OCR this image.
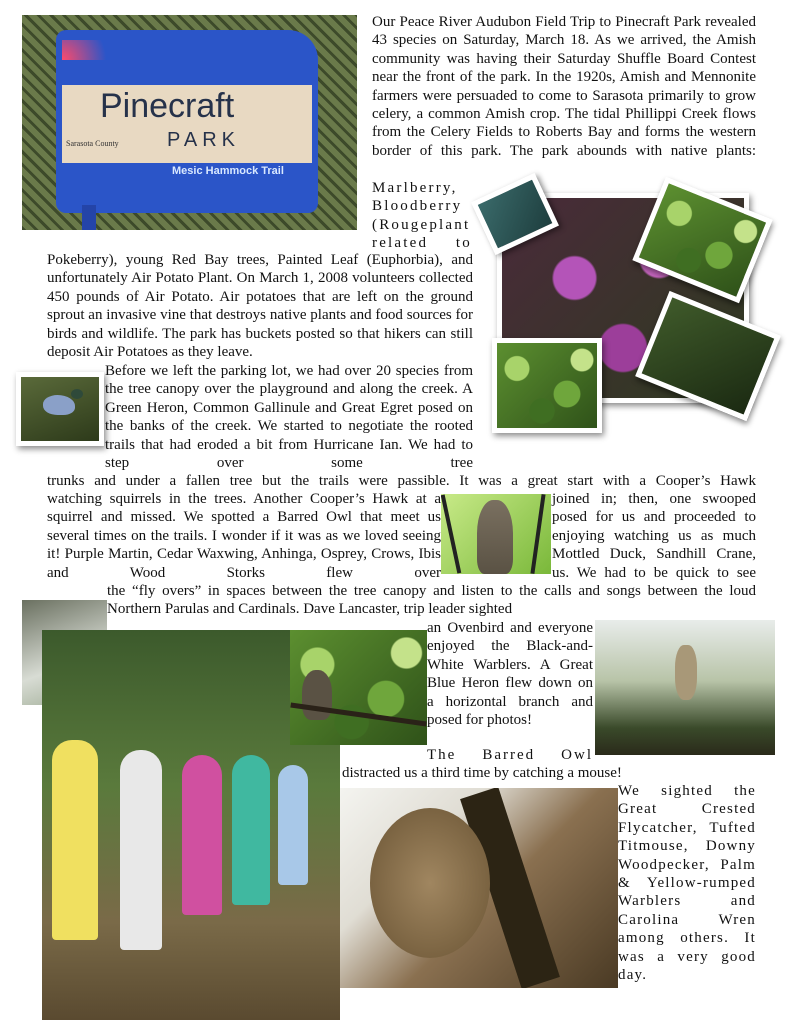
Pinecraft
PARK
Sarasota County
Mesic Hammock Trail

Our Peace River Audubon Field Trip to Pinecraft Park revealed 43 species on Saturday, March 18. As we arrived, the Amish community was having their Saturday Shuffle Board Contest near the front of the park. In the 1920s, Amish and Mennonite farmers were persuaded to come to Sarasota primarily to grow celery, a common Amish crop. The tidal Phillippi Creek flows from the Celery Fields to Roberts Bay and forms the western border of this park. The park abounds with native plants:

Marlberry, Bloodberry (Rougeplant related to

Pokeberry), young Red Bay trees, Painted Leaf (Euphorbia), and unfortunately Air Potato Plant. On March 1, 2008 volunteers collected 450 pounds of Air Potato. Air potatoes that are left on the ground sprout an invasive vine that destroys native plants and food sources for birds and wildlife. The park has buckets posted so that hikers can still deposit Air Potatoes as they leave.

Before we left the parking lot, we had over 20 species from the tree canopy over the playground and along the creek. A Green Heron, Common Gallinule and Great Egret posed on the banks of the creek. We started to negotiate the rooted trails that had eroded a bit from Hurricane Ian. We had to step over some tree

trunks and under a fallen tree but the trails were passible. It was a great start with a Cooper’s Hawk

watching squirrels in the trees. Another Cooper’s Hawk at a squirrel and missed. We spotted a Barred Owl that meet us several times on the trails. I wonder if it was as we loved seeing it! Purple Martin, Cedar Waxwing, Anhinga, Osprey, Crows, Ibis and Wood Storks flew over

joined in; then, one swooped posed for us and proceeded to enjoying watching us as much Mottled Duck, Sandhill Crane, us. We had to be quick to see

the “fly overs” in spaces between the tree canopy and listen to the calls and songs between the loud Northern Parulas and Cardinals. Dave Lancaster, trip leader sighted

an Ovenbird and everyone enjoyed the Black-and-White Warblers. A Great Blue Heron flew down on a horizontal branch and posed for photos!

The Barred Owl

distracted us a third time by catching a mouse!

We sighted the Great Crested Flycatcher, Tufted Titmouse, Downy Woodpecker, Palm & Yellow-rumped Warblers and Carolina Wren among others. It was a very good day.
